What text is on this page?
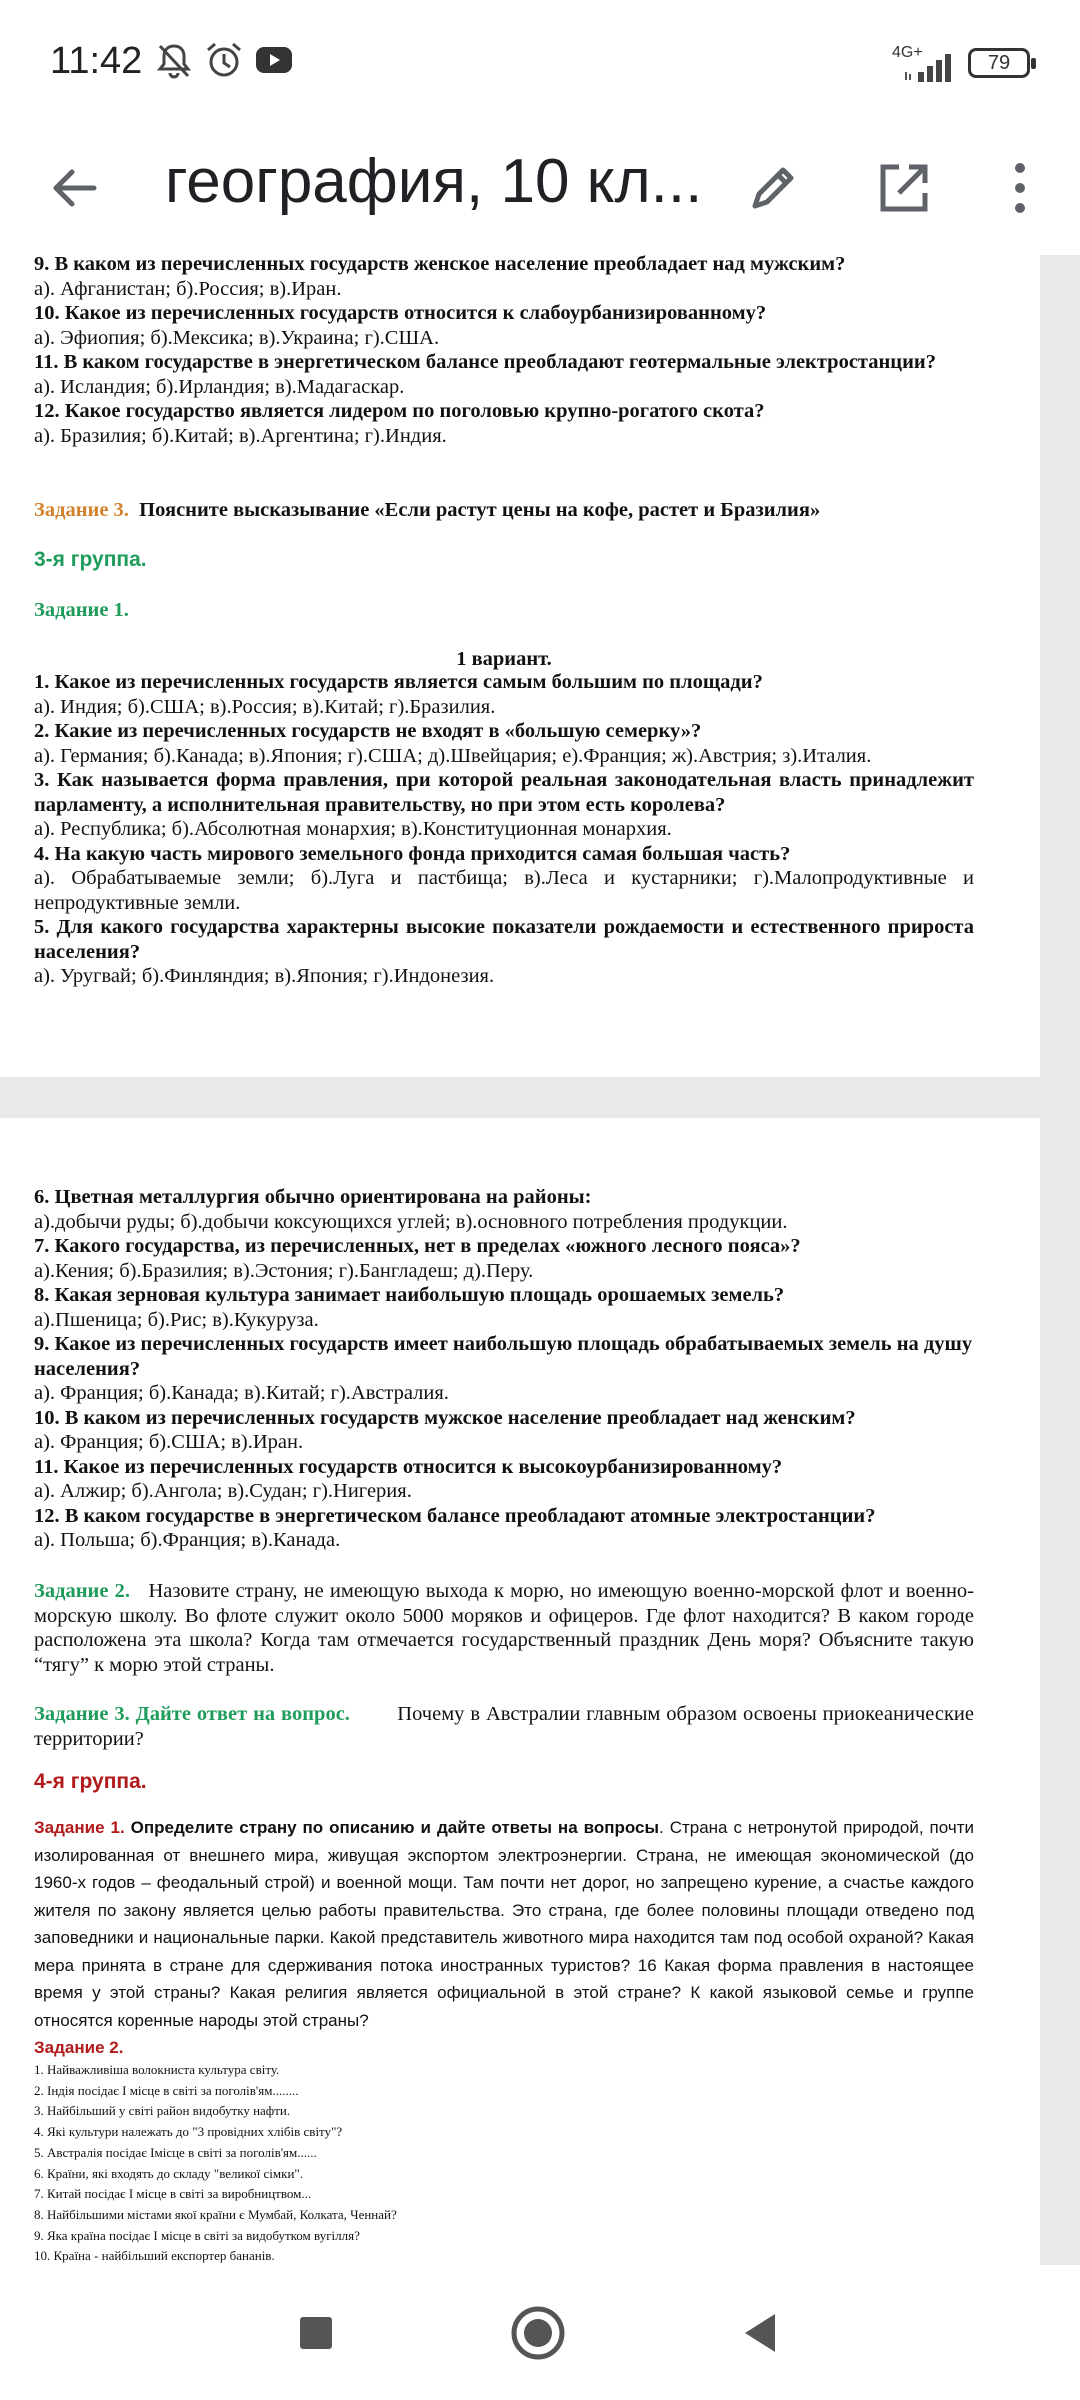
11:42	4G+	79
география, 10 кл...

9. В каком из перечисленных государств женское население преобладает над мужским?

а). Афганистан; б).Россия; в).Иран.

10. Какое из перечисленных государств относится к слабоурбанизированному?

а). Эфиопия; б).Мексика; в).Украина; г).США.

11. В каком государстве в энергетическом балансе преобладают геотермальные электростанции?

а). Исландия; б).Ирландия; в).Мадагаскар.

12. Какое государство является лидером по поголовью крупно-рогатого скота?

а). Бразилия; б).Китай; в).Аргентина; г).Индия.

Задание 3. Поясните высказывание «Если растут цены на кофе, растет и Бразилия»
3-я группа.
Задание 1.
1 вариант.

1. Какое из перечисленных государств является самым большим по площади?

а). Индия; б).США; в).Россия; в).Китай; г).Бразилия.

2. Какие из перечисленных государств не входят в «большую семерку»?

а). Германия; б).Канада; в).Япония; г).США; д).Швейцария; е).Франция; ж).Австрия; з).Италия.

3. Как называется форма правления, при которой реальная законодательная власть принадлежит парламенту, а исполнительная правительству, но при этом есть королева?

а). Республика; б).Абсолютная монархия; в).Конституционная монархия.

4. На какую часть мирового земельного фонда приходится самая большая часть?

а). Обрабатываемые земли; б).Луга и пастбища; в).Леса и кустарники; г).Малопродуктивные и непродуктивные земли.

5. Для какого государства характерны высокие показатели рождаемости и естественного прироста населения?

а). Уругвай; б).Финляндия; в).Япония; г).Индонезия.

6. Цветная металлургия обычно ориентирована на районы:

а).добычи руды; б).добычи коксующихся углей; в).основного потребления продукции.

7. Какого государства, из перечисленных, нет в пределах «южного лесного пояса»?

а).Кения; б).Бразилия; в).Эстония; г).Бангладеш; д).Перу.

8. Какая зерновая культура занимает наибольшую площадь орошаемых земель?

а).Пшеница; б).Рис; в).Кукуруза.

9. Какое из перечисленных государств имеет наибольшую площадь обрабатываемых земель на душу населения?

а). Франция; б).Канада; в).Китай; г).Австралия.

10. В каком из перечисленных государств мужское население преобладает над женским?

а). Франция; б).США; в).Иран.

11. Какое из перечисленных государств относится к высокоурбанизированному?

а). Алжир; б).Ангола; в).Судан; г).Нигерия.

12. В каком государстве в энергетическом балансе преобладают атомные электростанции?

а). Польша; б).Франция; в).Канада.

Задание 2. Назовите страну, не имеющую выхода к морю, но имеющую военно-морской флот и военно-морскую школу. Во флоте служит около 5000 моряков и офицеров. Где флот находится? В каком городе расположена эта школа? Когда там отмечается государственный праздник День моря? Объясните такую “тягу” к морю этой страны.
Задание 3. Дайте ответ на вопрос. Почему в Австралии главным образом освоены приокеанические территории?
4-я группа.
Задание 1. Определите страну по описанию и дайте ответы на вопросы. Страна с нетронутой природой, почти изолированная от внешнего мира, живущая экспортом электроэнергии. Страна, не имеющая экономической (до 1960-х годов – феодальный строй) и военной мощи. Там почти нет дорог, но запрещено курение, а счастье каждого жителя по закону является целью работы правительства. Это страна, где более половины площади отведено под заповедники и национальные парки. Какой представитель животного мира находится там под особой охраной? Какая мера принята в стране для сдерживания потока иностранных туристов? 16 Какая форма правления в настоящее время у этой страны? Какая религия является официальной в этой стране? К какой языковой семье и группе относятся коренные народы этой страны?
Задание 2.

1. Найважливіша волокниста культура світу.

2. Індія посідає І місце в світі за поголів'ям........

3. Найбільший у світі район видобутку нафти.

4. Які культури належать до "3 провідних хлібів світу"?

5. Австралія посідає Імісце в світі за поголів'ям......

6. Країни, які входять до складу "великої сімки".

7. Китай посідає І місце в світі за виробництвом...

8. Найбільшими містами якої країни є Мумбай, Колката, Ченнай?

9. Яка країна посідає І місце в світі за видобутком вугілля?

10. Країна - найбільший експортер бананів.
